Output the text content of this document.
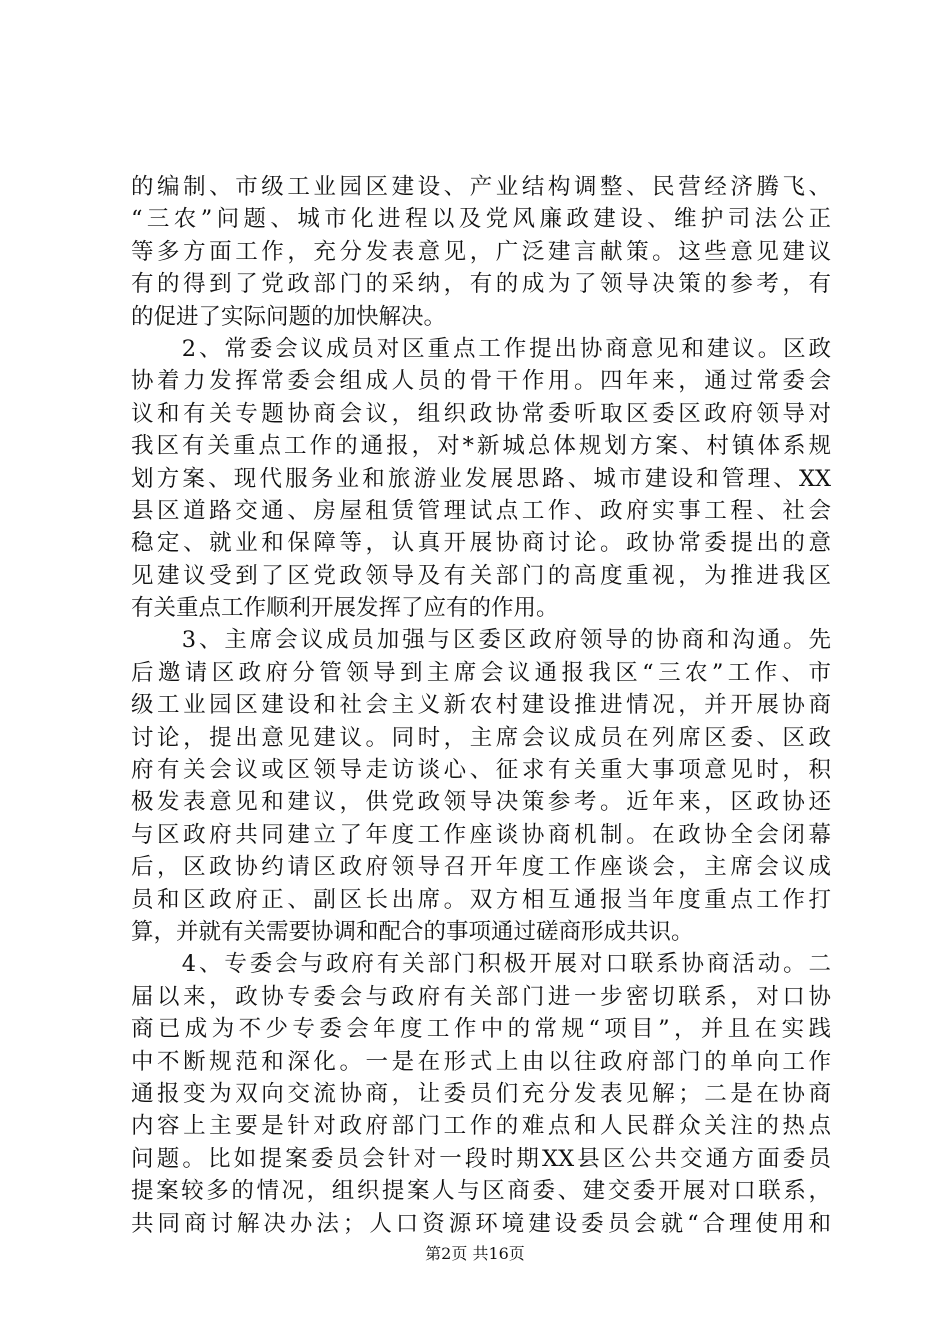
的编制、市级工业园区建设、产业结构调整、民营经济腾飞、
“三农”问题、城市化进程以及党风廉政建设、维护司法公正
等多方面工作，充分发表意见，广泛建言献策。这些意见建议
有的得到了党政部门的采纳，有的成为了领导决策的参考，有
的促进了实际问题的加快解决。
　　2、常委会议成员对区重点工作提出协商意见和建议。区政
协着力发挥常委会组成人员的骨干作用。四年来，通过常委会
议和有关专题协商会议，组织政协常委听取区委区政府领导对
我区有关重点工作的通报，对*新城总体规划方案、村镇体系规
划方案、现代服务业和旅游业发展思路、城市建设和管理、XX
县区道路交通、房屋租赁管理试点工作、政府实事工程、社会
稳定、就业和保障等，认真开展协商讨论。政协常委提出的意
见建议受到了区党政领导及有关部门的高度重视，为推进我区
有关重点工作顺利开展发挥了应有的作用。
　　3、主席会议成员加强与区委区政府领导的协商和沟通。先
后邀请区政府分管领导到主席会议通报我区“三农”工作、市
级工业园区建设和社会主义新农村建设推进情况，并开展协商
讨论，提出意见建议。同时，主席会议成员在列席区委、区政
府有关会议或区领导走访谈心、征求有关重大事项意见时，积
极发表意见和建议，供党政领导决策参考。近年来，区政协还
与区政府共同建立了年度工作座谈协商机制。在政协全会闭幕
后，区政协约请区政府领导召开年度工作座谈会，主席会议成
员和区政府正、副区长出席。双方相互通报当年度重点工作打
算，并就有关需要协调和配合的事项通过磋商形成共识。
　　4、专委会与政府有关部门积极开展对口联系协商活动。二
届以来，政协专委会与政府有关部门进一步密切联系，对口协
商已成为不少专委会年度工作中的常规“项目”，并且在实践
中不断规范和深化。一是在形式上由以往政府部门的单向工作
通报变为双向交流协商，让委员们充分发表见解；二是在协商
内容上主要是针对政府部门工作的难点和人民群众关注的热点
问题。比如提案委员会针对一段时期XX县区公共交通方面委员
提案较多的情况，组织提案人与区商委、建交委开展对口联系，
共同商讨解决办法；人口资源环境建设委员会就“合理使用和
第2页 共16页
